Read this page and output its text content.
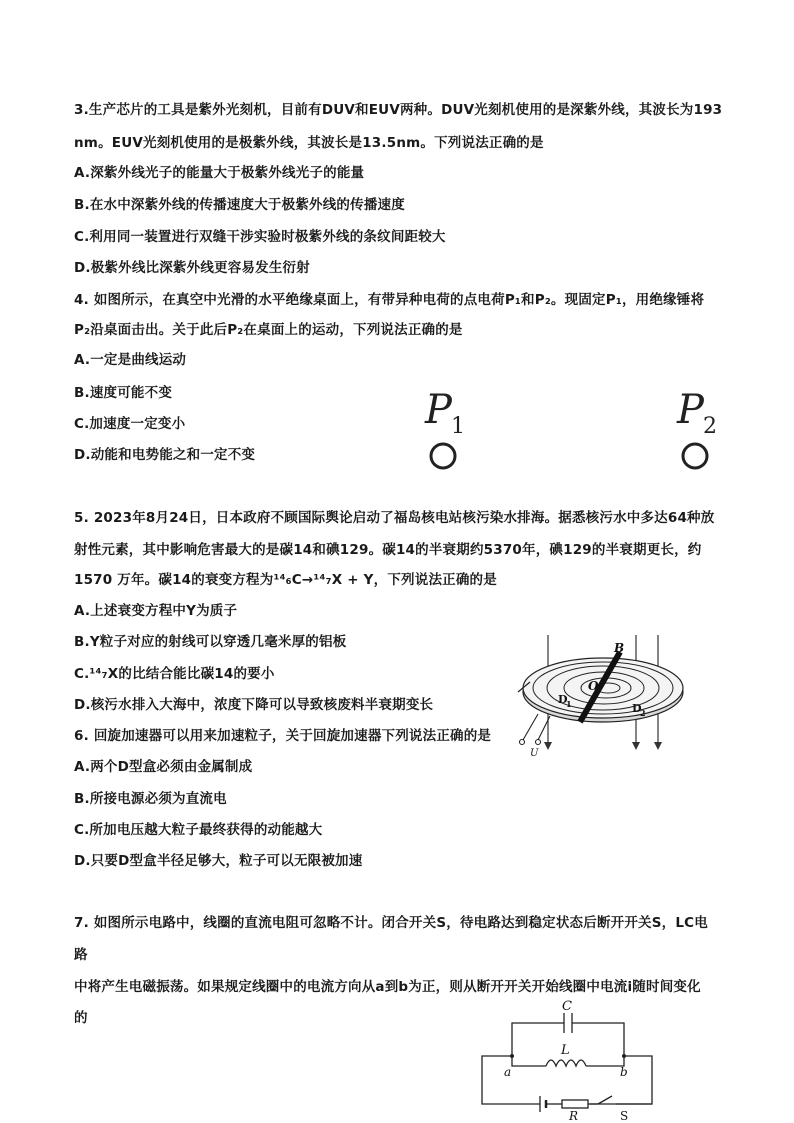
3.生产芯片的工具是紫外光刻机，目前有DUV和EUV两种。DUV光刻机使用的是深紫外线，其波长为193
nm。EUV光刻机使用的是极紫外线，其波长是13.5nm。下列说法正确的是
A.深紫外线光子的能量大于极紫外线光子的能量
B.在水中深紫外线的传播速度大于极紫外线的传播速度
C.利用同一装置进行双缝干涉实验时极紫外线的条纹间距较大
D.极紫外线比深紫外线更容易发生衍射
4. 如图所示，在真空中光滑的水平绝缘桌面上，有带异种电荷的点电荷P₁和P₂。现固定P₁，用绝缘锤将
P₂沿桌面击出。关于此后P₂在桌面上的运动，下列说法正确的是
A.一定是曲线运动
B.速度可能不变
C.加速度一定变小
D.动能和电势能之和一定不变
P 1	P 2
5. 2023年8月24日，日本政府不顾国际舆论启动了福岛核电站核污染水排海。据悉核污水中多达64种放
射性元素，其中影响危害最大的是碳14和碘129。碳14的半衰期约5370年，碘129的半衰期更长，约
1570 万年。碳14的衰变方程为¹⁴₆C→¹⁴₇X + Y，下列说法正确的是
A.上述衰变方程中Y为质子
B.Y粒子对应的射线可以穿透几毫米厚的铝板
C.¹⁴₇X的比结合能比碳14的要小
D.核污水排入大海中，浓度下降可以导致核废料半衰期变长
6. 回旋加速器可以用来加速粒子，关于回旋加速器下列说法正确的是
A.两个D型盒必须由金属制成
B.所接电源必须为直流电
C.所加电压越大粒子最终获得的动能越大
D.只要D型盒半径足够大，粒子可以无限被加速
B
O
D
1	D
2
U
7. 如图所示电路中，线圈的直流电阻可忽略不计。闭合开关S，待电路达到稳定状态后断开开关S，LC电
路
中将产生电磁振荡。如果规定线圈中的电流方向从a到b为正，则从断开开关开始线圈中电流i随时间变化
的
C
L
a	b
R	S
